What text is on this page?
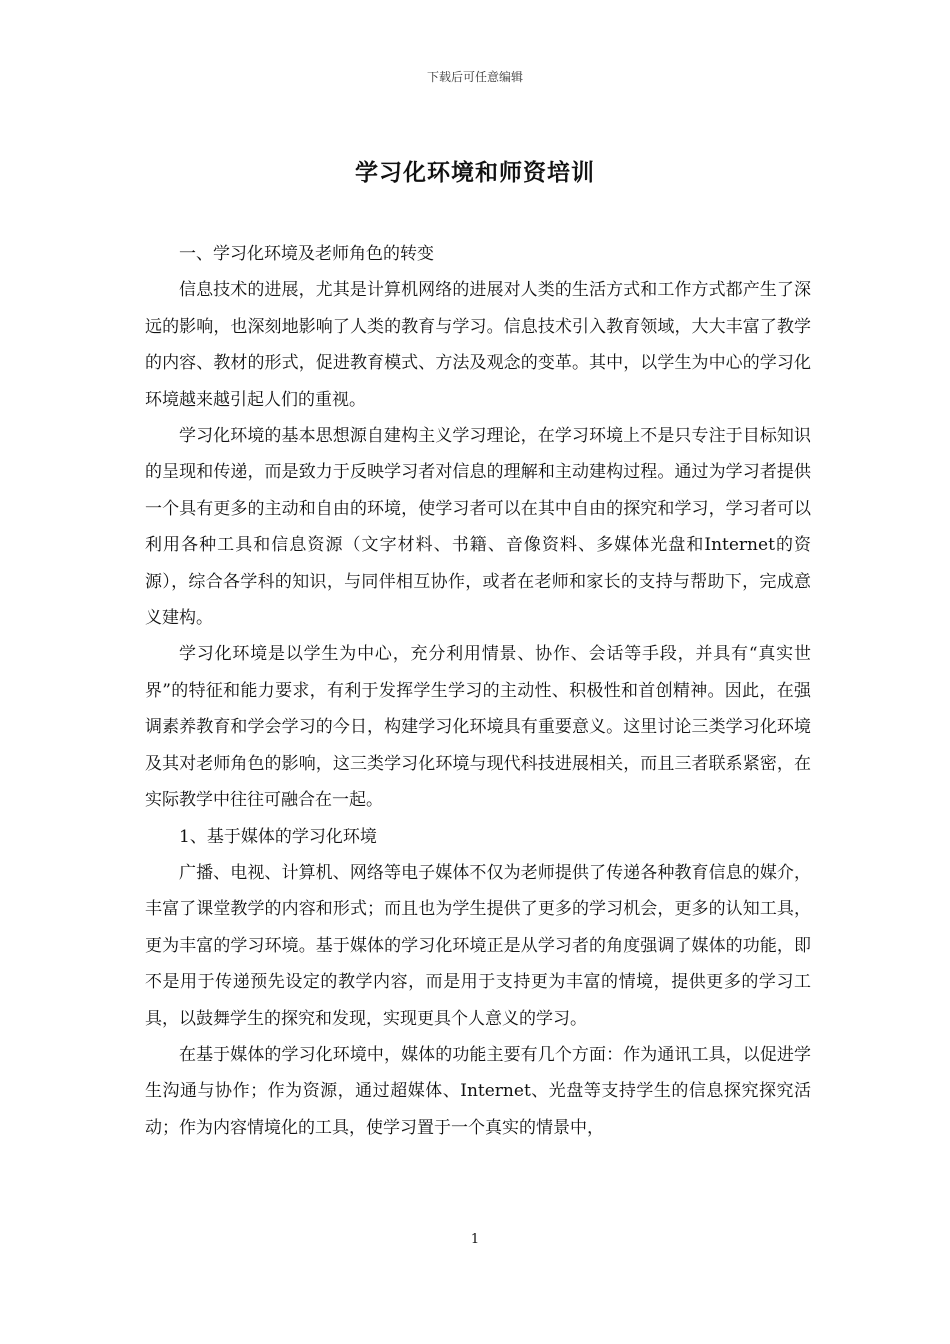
下载后可任意编辑
学习化环境和师资培训

一、学习化环境及老师角色的转变

信息技术的进展，尤其是计算机网络的进展对人类的生活方式和工作方式都产生了深远的影响，也深刻地影响了人类的教育与学习。信息技术引入教育领域，大大丰富了教学的内容、教材的形式，促进教育模式、方法及观念的变革。其中，以学生为中心的学习化环境越来越引起人们的重视。

学习化环境的基本思想源自建构主义学习理论，在学习环境上不是只专注于目标知识的呈现和传递，而是致力于反映学习者对信息的理解和主动建构过程。通过为学习者提供一个具有更多的主动和自由的环境，使学习者可以在其中自由的探究和学习，学习者可以利用各种工具和信息资源（文字材料、书籍、音像资料、多媒体光盘和Internet的资源），综合各学科的知识，与同伴相互协作，或者在老师和家长的支持与帮助下，完成意义建构。

学习化环境是以学生为中心，充分利用情景、协作、会话等手段，并具有“真实世界”的特征和能力要求，有利于发挥学生学习的主动性、积极性和首创精神。因此，在强调素养教育和学会学习的今日，构建学习化环境具有重要意义。这里讨论三类学习化环境及其对老师角色的影响，这三类学习化环境与现代科技进展相关，而且三者联系紧密，在实际教学中往往可融合在一起。

1、基于媒体的学习化环境

广播、电视、计算机、网络等电子媒体不仅为老师提供了传递各种教育信息的媒介，丰富了课堂教学的内容和形式；而且也为学生提供了更多的学习机会，更多的认知工具，更为丰富的学习环境。基于媒体的学习化环境正是从学习者的角度强调了媒体的功能，即不是用于传递预先设定的教学内容，而是用于支持更为丰富的情境，提供更多的学习工具，以鼓舞学生的探究和发现，实现更具个人意义的学习。

在基于媒体的学习化环境中，媒体的功能主要有几个方面：作为通讯工具，以促进学生沟通与协作；作为资源，通过超媒体、Internet、光盘等支持学生的信息探究探究活动；作为内容情境化的工具，使学习置于一个真实的情景中，

1
